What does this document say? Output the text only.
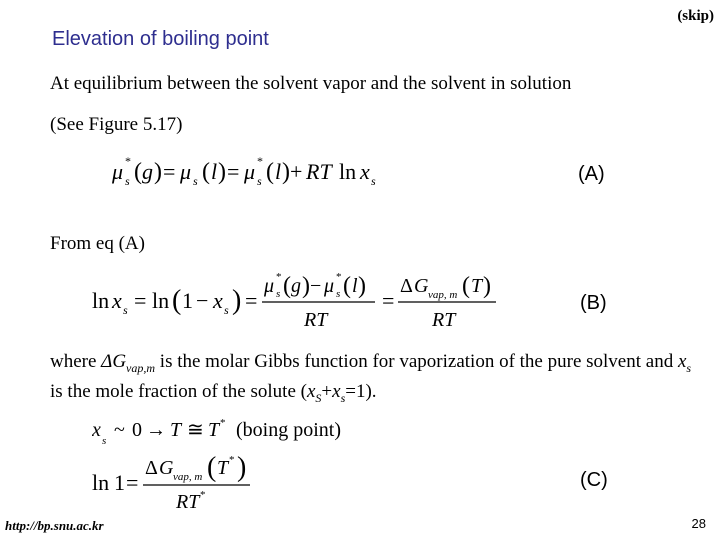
(skip)
Elevation of boiling point
At equilibrium between the solvent vapor and the solvent in solution
(See Figure 5.17)
μ *
s ( g ) = μ s ( l ) = μ *
s ( l ) + RT ln x s	(A)
From eq (A)
ln x s = ln ( 1 − x s ) =
μ *
s ( g ) − μ *
s ( l )
RT
=
Δ G vap, m ( T )
RT
(B)
where $\Delta G_{vap,m}$ is the molar Gibbs function for vaporization of the pure solvent and $x_s$ is the mole fraction of the solute $(x_S+x_s=1)$.
x s ~ 0 → T ≅ T * (boing point)
ln 1 =
Δ G vap, m ( T * )
RT *
(C)
http://bp.snu.ac.kr	28
